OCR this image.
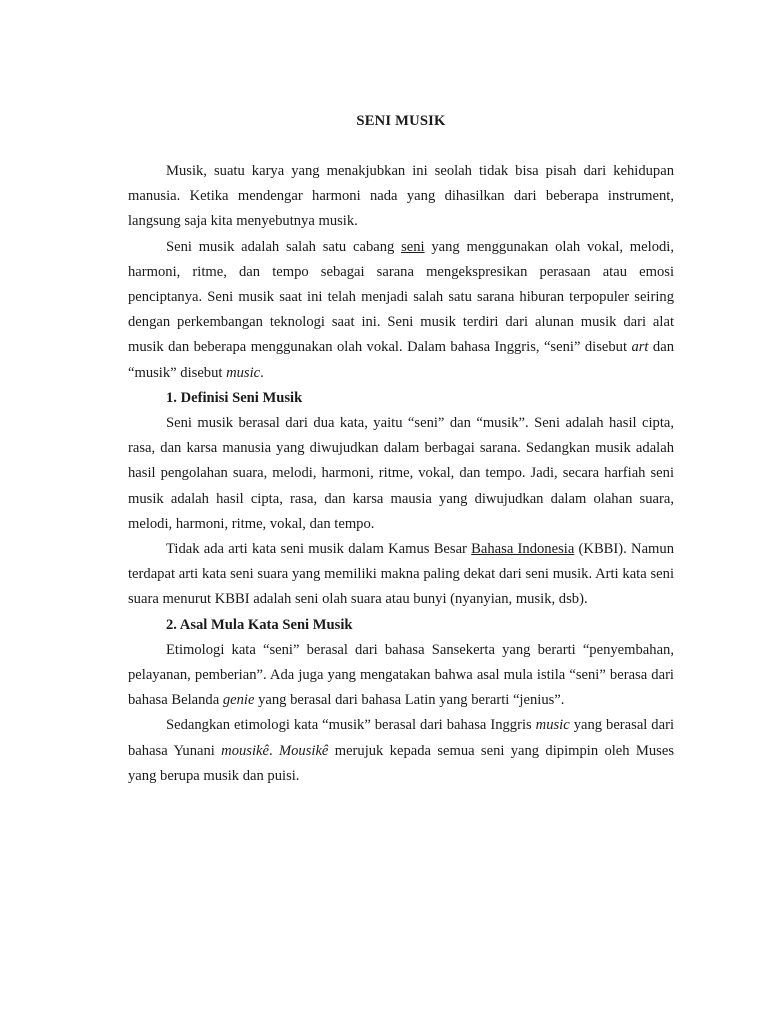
SENI MUSIK

Musik, suatu karya yang menakjubkan ini seolah tidak bisa pisah dari kehidupan manusia. Ketika mendengar harmoni nada yang dihasilkan dari beberapa instrument, langsung saja kita menyebutnya musik.

Seni musik adalah salah satu cabang seni yang menggunakan olah vokal, melodi, harmoni, ritme, dan tempo sebagai sarana mengekspresikan perasaan atau emosi penciptanya. Seni musik saat ini telah menjadi salah satu sarana hiburan terpopuler seiring dengan perkembangan teknologi saat ini. Seni musik terdiri dari alunan musik dari alat musik dan beberapa menggunakan olah vokal. Dalam bahasa Inggris, “seni” disebut art dan “musik” disebut music.

1. Definisi Seni Musik

Seni musik berasal dari dua kata, yaitu “seni” dan “musik”. Seni adalah hasil cipta, rasa, dan karsa manusia yang diwujudkan dalam berbagai sarana. Sedangkan musik adalah hasil pengolahan suara, melodi, harmoni, ritme, vokal, dan tempo. Jadi, secara harfiah seni musik adalah hasil cipta, rasa, dan karsa mausia yang diwujudkan dalam olahan suara, melodi, harmoni, ritme, vokal, dan tempo.

Tidak ada arti kata seni musik dalam Kamus Besar Bahasa Indonesia (KBBI). Namun terdapat arti kata seni suara yang memiliki makna paling dekat dari seni musik. Arti kata seni suara menurut KBBI adalah seni olah suara atau bunyi (nyanyian, musik, dsb).

2. Asal Mula Kata Seni Musik

Etimologi kata “seni” berasal dari bahasa Sansekerta yang berarti “penyembahan, pelayanan, pemberian”. Ada juga yang mengatakan bahwa asal mula istila “seni” berasa dari bahasa Belanda genie yang berasal dari bahasa Latin yang berarti “jenius”.

Sedangkan etimologi kata “musik” berasal dari bahasa Inggris music yang berasal dari bahasa Yunani mousikê. Mousikê merujuk kepada semua seni yang dipimpin oleh Muses yang berupa musik dan puisi.
